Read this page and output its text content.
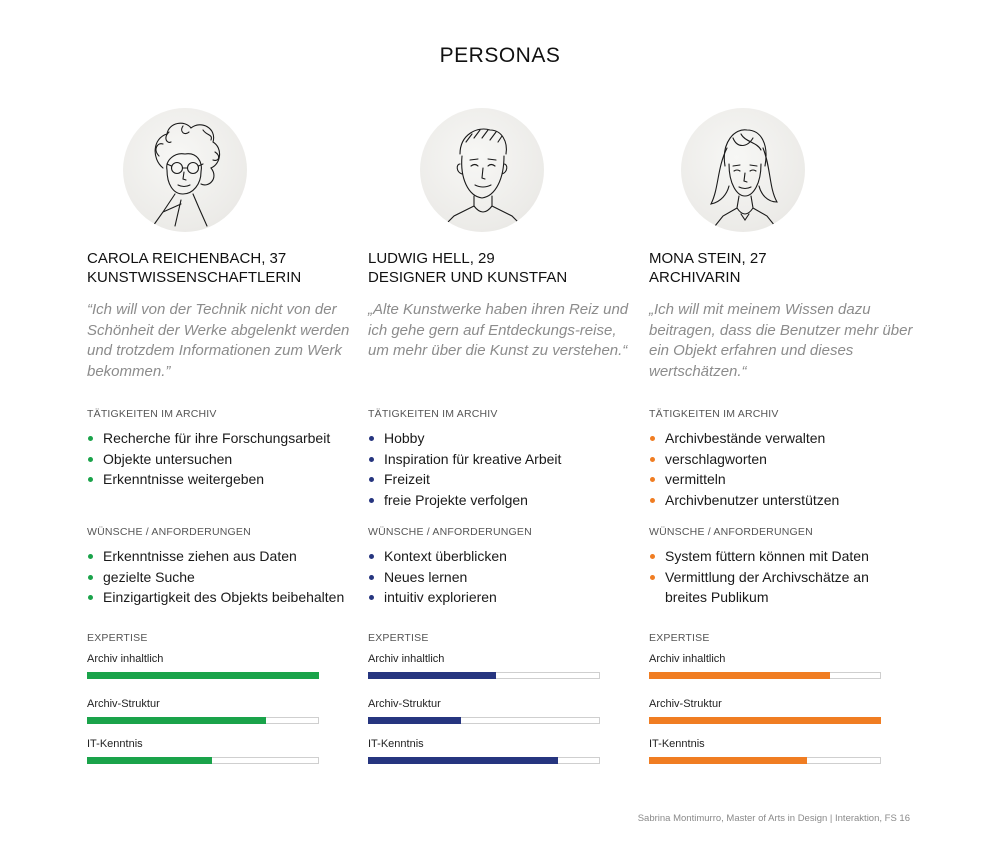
PERSONAS
CAROLA REICHENBACH, 37
KUNSTWISSENSCHAFTLERIN
“Ich will von der Technik nicht von der Schönheit der Werke abgelenkt werden und trotzdem Informationen zum Werk bekommen.”
TÄTIGKEITEN IM ARCHIV
Recherche für ihre Forschungsarbeit
Objekte untersuchen
Erkenntnisse weitergeben
WÜNSCHE / ANFORDERUNGEN
Erkenntnisse ziehen aus Daten
gezielte Suche
Einzigartigkeit des Objekts beibehalten
EXPERTISE
Archiv inhaltlich
Archiv-Struktur
IT-Kenntnis
LUDWIG HELL, 29
DESIGNER UND KUNSTFAN
„Alte Kunstwerke haben ihren Reiz und ich gehe gern auf Entdeckungs-reise, um mehr über die Kunst zu verstehen.“
TÄTIGKEITEN IM ARCHIV
Hobby
Inspiration für kreative Arbeit
Freizeit
freie Projekte verfolgen
WÜNSCHE / ANFORDERUNGEN
Kontext überblicken
Neues lernen
intuitiv explorieren
EXPERTISE
Archiv inhaltlich
Archiv-Struktur
IT-Kenntnis
MONA STEIN, 27
ARCHIVARIN
„Ich will mit meinem Wissen dazu beitragen, dass die Benutzer mehr über ein Objekt erfahren und dieses wertschätzen.“
TÄTIGKEITEN IM ARCHIV
Archivbestände verwalten
verschlagworten
vermitteln
Archivbenutzer unterstützen
WÜNSCHE / ANFORDERUNGEN
System füttern können mit Daten
Vermittlung der Archivschätze an breites Publikum
EXPERTISE
Archiv inhaltlich
Archiv-Struktur
IT-Kenntnis
Sabrina Montimurro, Master of Arts in Design | Interaktion, FS 16
